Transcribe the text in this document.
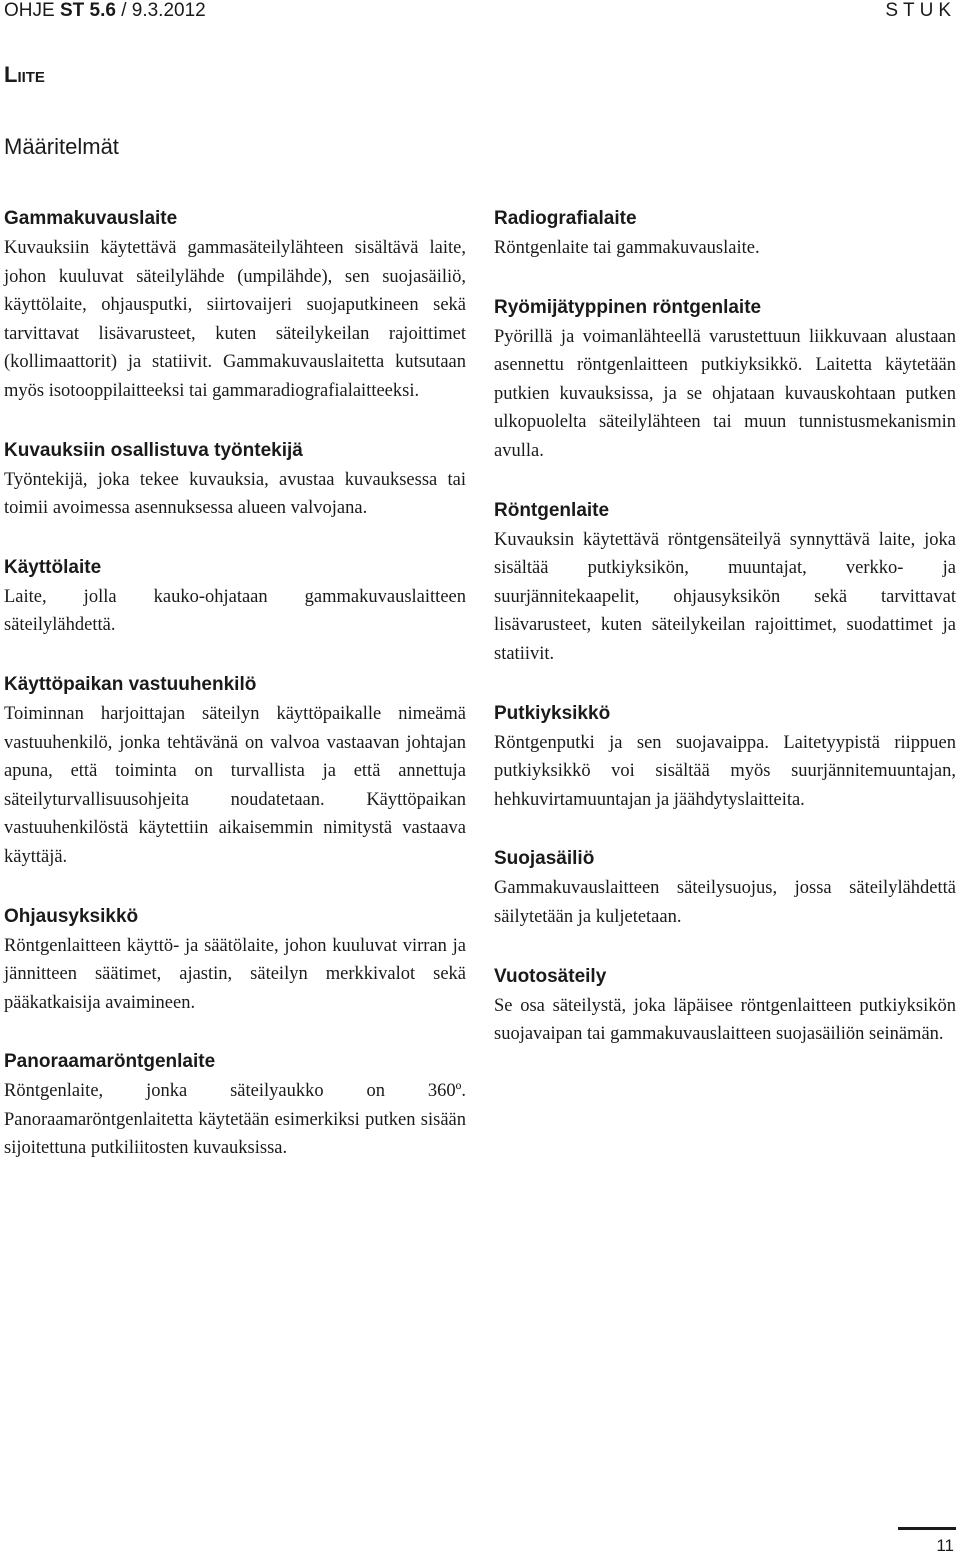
OHJE ST 5.6 / 9.3.2012	STUK
Liite
Määritelmät

Gammakuvauslaite

Kuvauksiin käytettävä gammasäteilylähteen sisältävä laite, johon kuuluvat säteilylähde (umpilähde), sen suojasäiliö, käyttölaite, ohjausputki, siirtovaijeri suojaputkineen sekä tarvittavat lisävarusteet, kuten säteilykeilan rajoittimet (kollimaattorit) ja statiivit. Gammakuvauslaitetta kutsutaan myös isotooppilaitteeksi tai gammaradiografialaitteeksi.

Kuvauksiin osallistuva työntekijä

Työntekijä, joka tekee kuvauksia, avustaa kuvauksessa tai toimii avoimessa asennuksessa alueen valvojana.

Käyttölaite

Laite, jolla kauko-ohjataan gammakuvauslaitteen säteilylähdettä.

Käyttöpaikan vastuuhenkilö

Toiminnan harjoittajan säteilyn käyttöpaikalle nimeämä vastuuhenkilö, jonka tehtävänä on valvoa vastaavan johtajan apuna, että toiminta on turvallista ja että annettuja säteilyturvallisuusohjeita noudatetaan. Käyttöpaikan vastuuhenkilöstä käytettiin aikaisemmin nimitystä vastaava käyttäjä.

Ohjausyksikkö

Röntgenlaitteen käyttö- ja säätölaite, johon kuuluvat virran ja jännitteen säätimet, ajastin, säteilyn merkkivalot sekä pääkatkaisija avaimineen.

Panoraamaröntgenlaite

Röntgenlaite, jonka säteilyaukko on 360º. Panoraamaröntgenlaitetta käytetään esimerkiksi putken sisään sijoitettuna putkiliitosten kuvauksissa.

Radiografialaite

Röntgenlaite tai gammakuvauslaite.

Ryömijätyppinen röntgenlaite

Pyörillä ja voimanlähteellä varustettuun liikkuvaan alustaan asennettu röntgenlaitteen putkiyksikkö. Laitetta käytetään putkien kuvauksissa, ja se ohjataan kuvauskohtaan putken ulkopuolelta säteilylähteen tai muun tunnistusmekanismin avulla.

Röntgenlaite

Kuvauksin käytettävä röntgensäteilyä synnyttävä laite, joka sisältää putkiyksikön, muuntajat, verkko- ja suurjännitekaapelit, ohjausyksikön sekä tarvittavat lisävarusteet, kuten säteilykeilan rajoittimet, suodattimet ja statiivit.

Putkiyksikkö

Röntgenputki ja sen suojavaippa. Laitetyypistä riippuen putkiyksikkö voi sisältää myös suurjännitemuuntajan, hehkuvirtamuuntajan ja jäähdytyslaitteita.

Suojasäiliö

Gammakuvauslaitteen säteilysuojus, jossa säteilylähdettä säilytetään ja kuljetetaan.

Vuotosäteily

Se osa säteilystä, joka läpäisee röntgenlaitteen putkiyksikön suojavaipan tai gammakuvauslaitteen suojasäiliön seinämän.

11
